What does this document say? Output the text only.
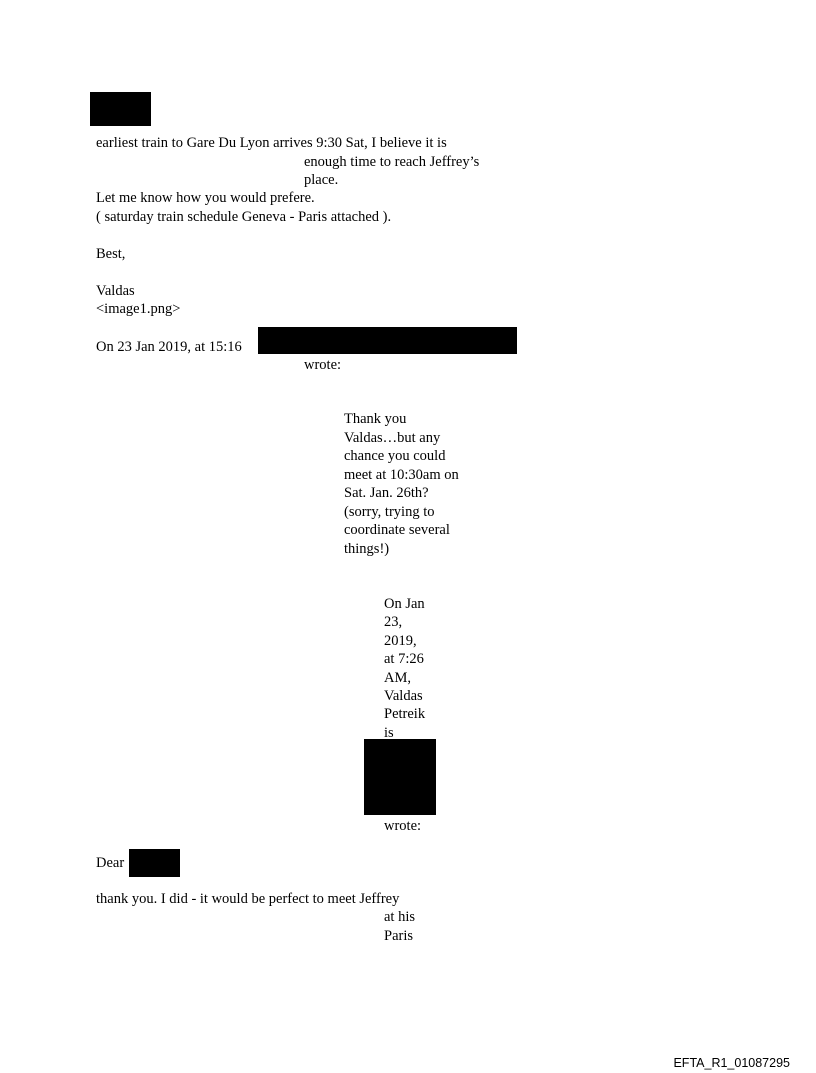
earliest train to Gare Du Lyon arrives 9:30 Sat, I believe it is

enough time to reach Jeffrey’s

place.

Let me know how you would prefere.

( saturday train schedule Geneva - Paris attached ).

Best,

Valdas

<image1.png>

On 23 Jan 2019, at 15:16

wrote:

Thank you

Valdas…but any

chance you could

meet at 10:30am on

Sat. Jan. 26th?

(sorry, trying to

coordinate several

things!)

On Jan

23,

2019,

at 7:26

AM,

Valdas

Petreik

is

wrote:

Dear

thank you. I did - it would be perfect to meet Jeffrey

at his

Paris

EFTA_R1_01087295
